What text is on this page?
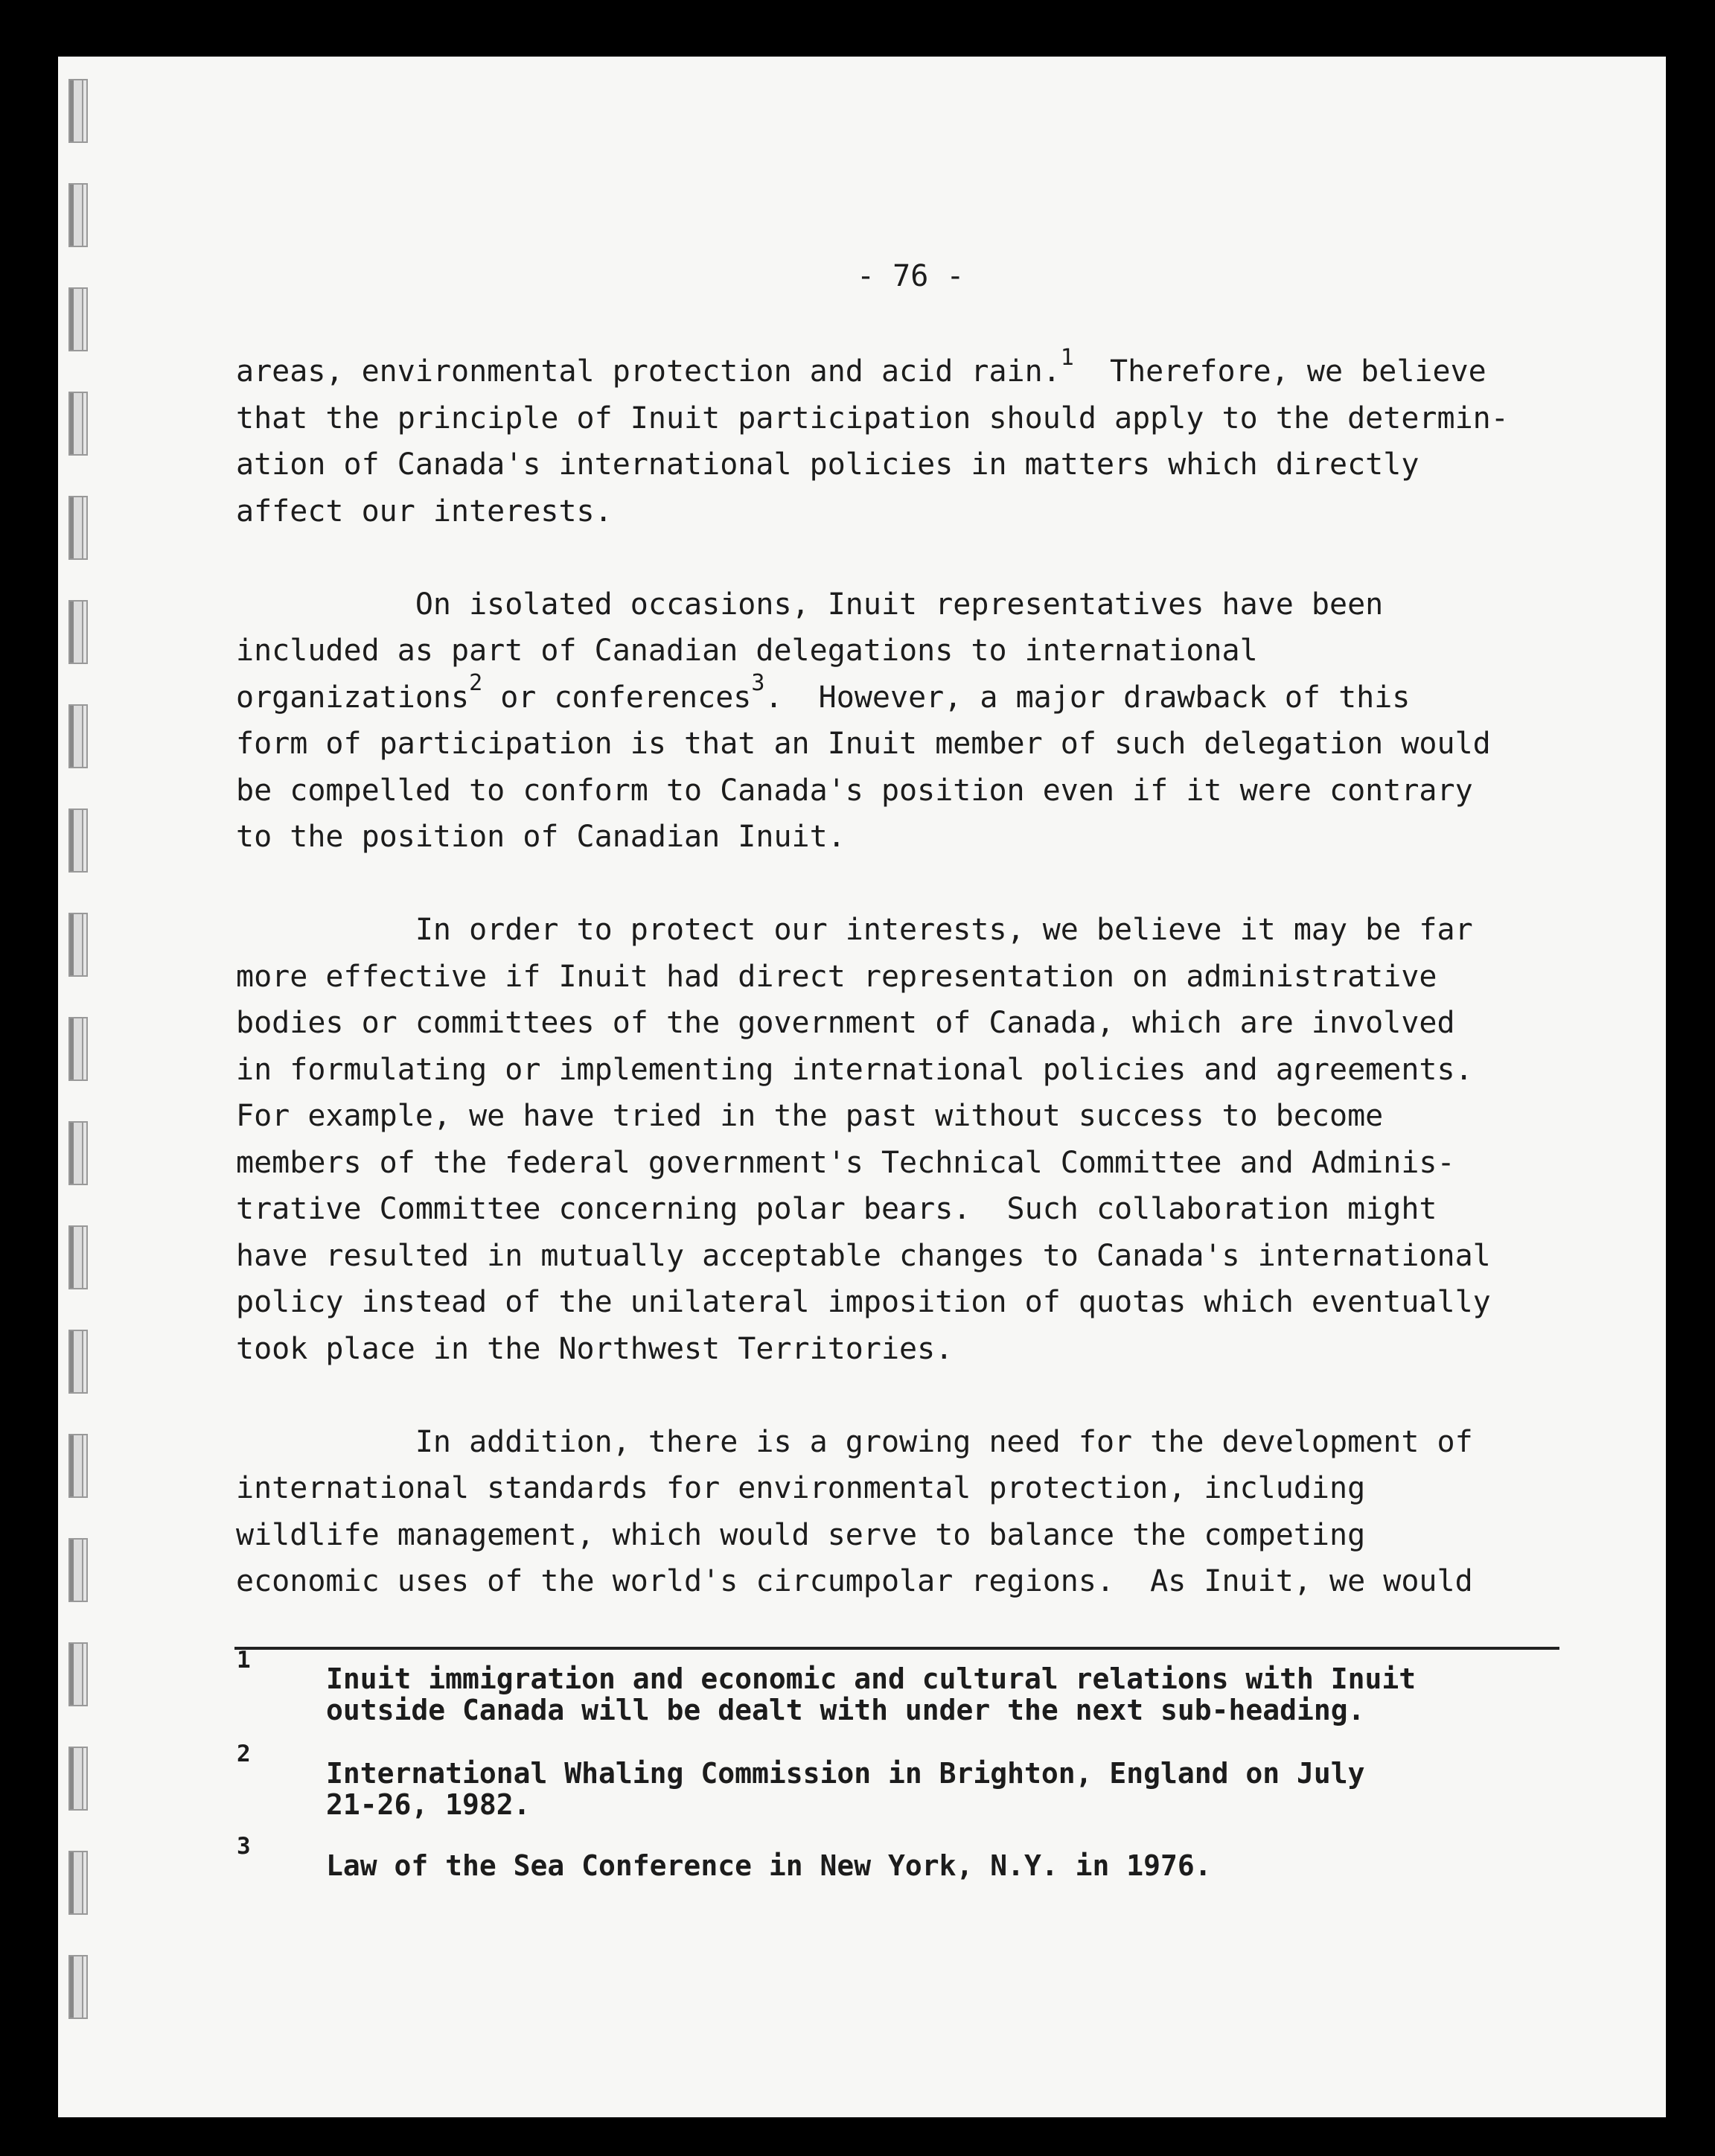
- 76 -
areas, environmental protection and acid rain.$^1$  Therefore, we believe
that the principle of Inuit participation should apply to the determin-
ation of Canada's international policies in matters which directly
affect our interests.

On isolated occasions, Inuit representatives have been
included as part of Canadian delegations to international
organizations$^2$ or conferences$^3$.  However, a major drawback of this
form of participation is that an Inuit member of such delegation would
be compelled to conform to Canada's position even if it were contrary
to the position of Canadian Inuit.

In order to protect our interests, we believe it may be far
more effective if Inuit had direct representation on administrative
bodies or committees of the government of Canada, which are involved
in formulating or implementing international policies and agreements.
For example, we have tried in the past without success to become
members of the federal government's Technical Committee and Adminis-
trative Committee concerning polar bears.  Such collaboration might
have resulted in mutually acceptable changes to Canada's international
policy instead of the unilateral imposition of quotas which eventually
took place in the Northwest Territories.

In addition, there is a growing need for the development of
international standards for environmental protection, including
wildlife management, which would serve to balance the competing
economic uses of the world's circumpolar regions.  As Inuit, we would
1
Inuit immigration and economic and cultural relations with Inuit
outside Canada will be dealt with under the next sub-heading.
2
International Whaling Commission in Brighton, England on July
21-26, 1982.
3
Law of the Sea Conference in New York, N.Y. in 1976.
